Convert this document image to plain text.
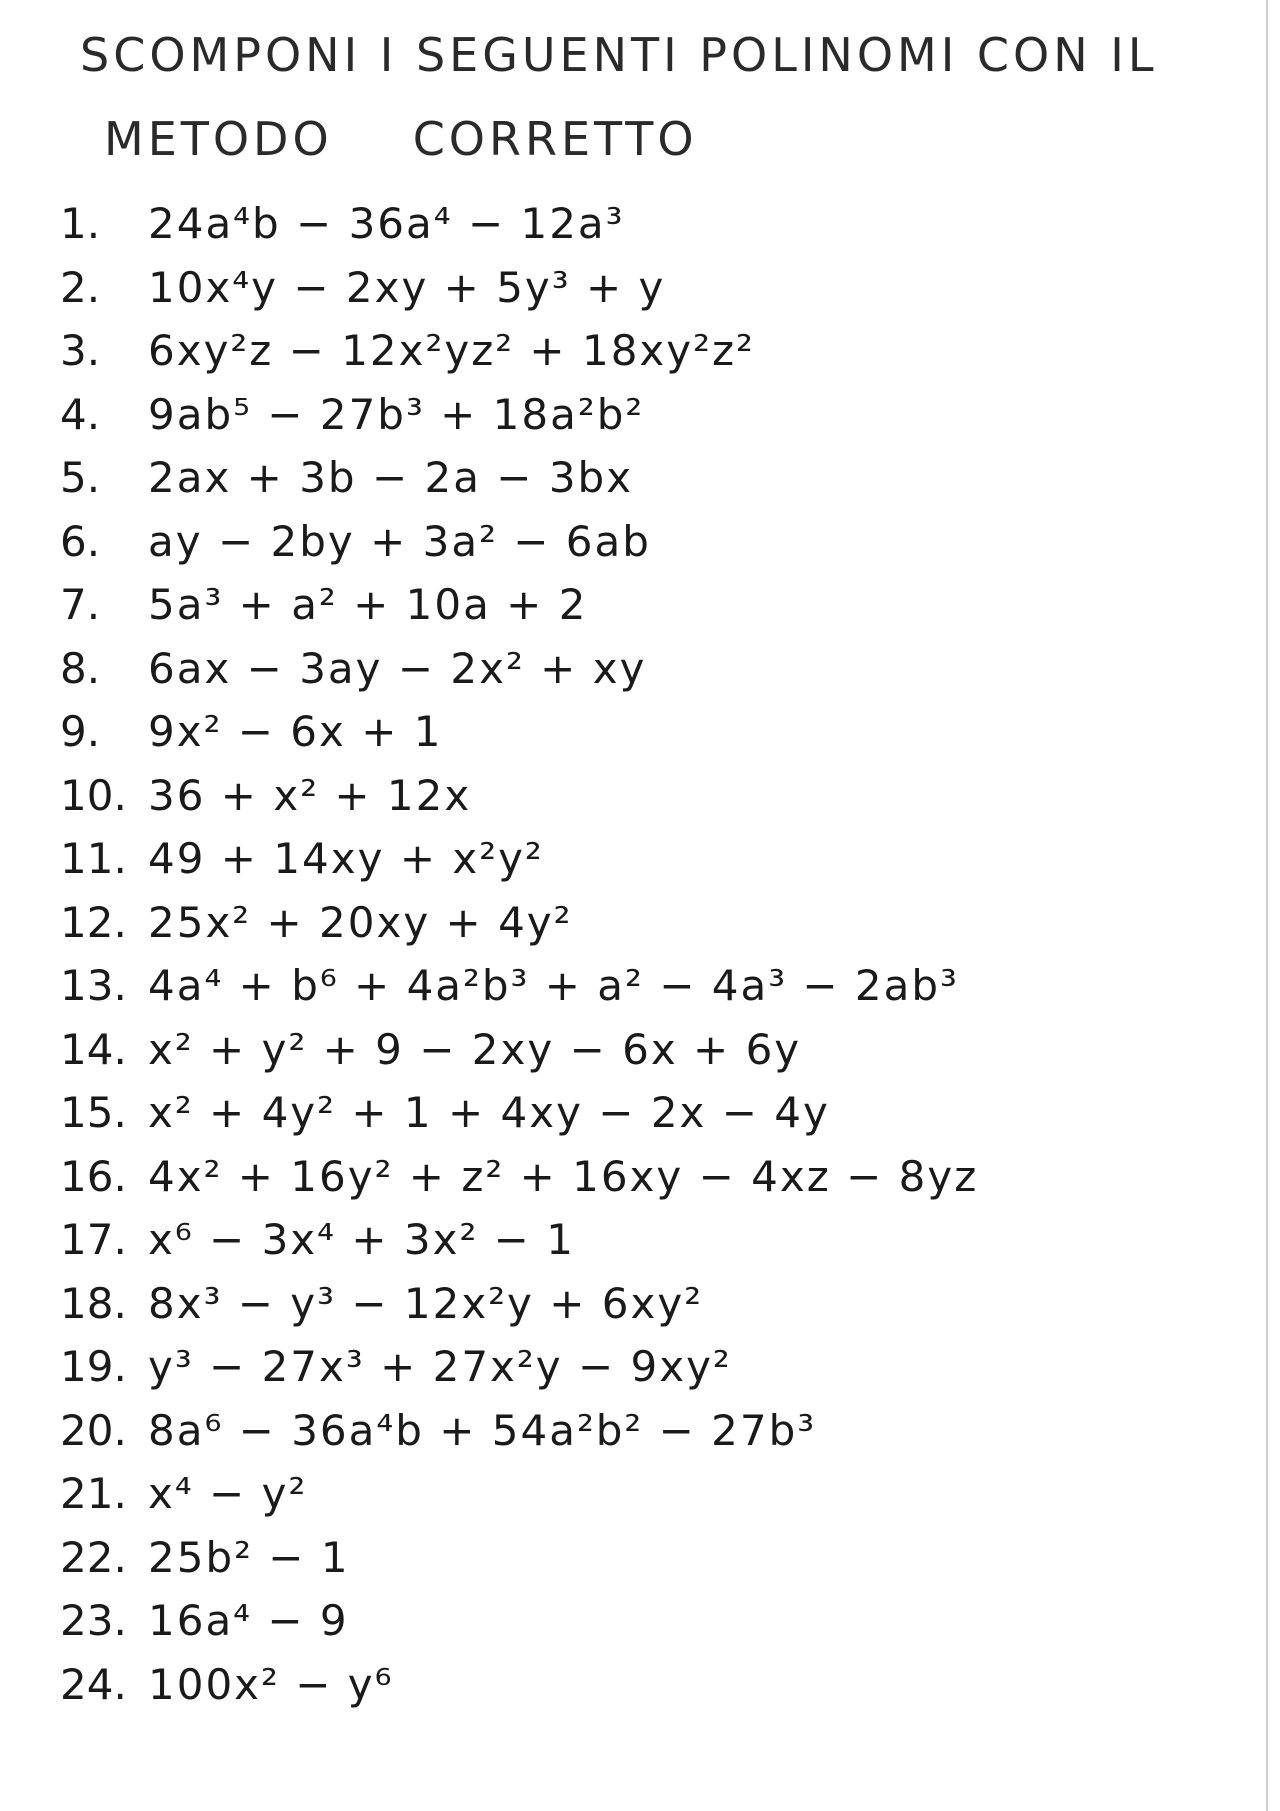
SCOMPONI I SEGUENTI POLINOMI CON IL
METODO CORRETTO
1.	24a⁴b − 36a⁴ − 12a³
2.	10x⁴y − 2xy + 5y³ + y
3.	6xy²z − 12x²yz² + 18xy²z²
4.	9ab⁵ − 27b³ + 18a²b²
5.	2ax + 3b − 2a − 3bx
6.	ay − 2by + 3a² − 6ab
7.	5a³ + a² + 10a + 2
8.	6ax − 3ay − 2x² + xy
9.	9x² − 6x + 1
10. 36 + x² + 12x
11. 49 + 14xy + x²y²
12. 25x² + 20xy + 4y²
13. 4a⁴ + b⁶ + 4a²b³ + a² − 4a³ − 2ab³
14. x² + y² + 9 − 2xy − 6x + 6y
15. x² + 4y² + 1 + 4xy − 2x − 4y
16. 4x² + 16y² + z² + 16xy − 4xz − 8yz
17. x⁶ − 3x⁴ + 3x² − 1
18. 8x³ − y³ − 12x²y + 6xy²
19. y³ − 27x³ + 27x²y − 9xy²
20. 8a⁶ − 36a⁴b + 54a²b² − 27b³
21. x⁴ − y²
22. 25b² − 1
23. 16a⁴ − 9
24. 100x² − y⁶
